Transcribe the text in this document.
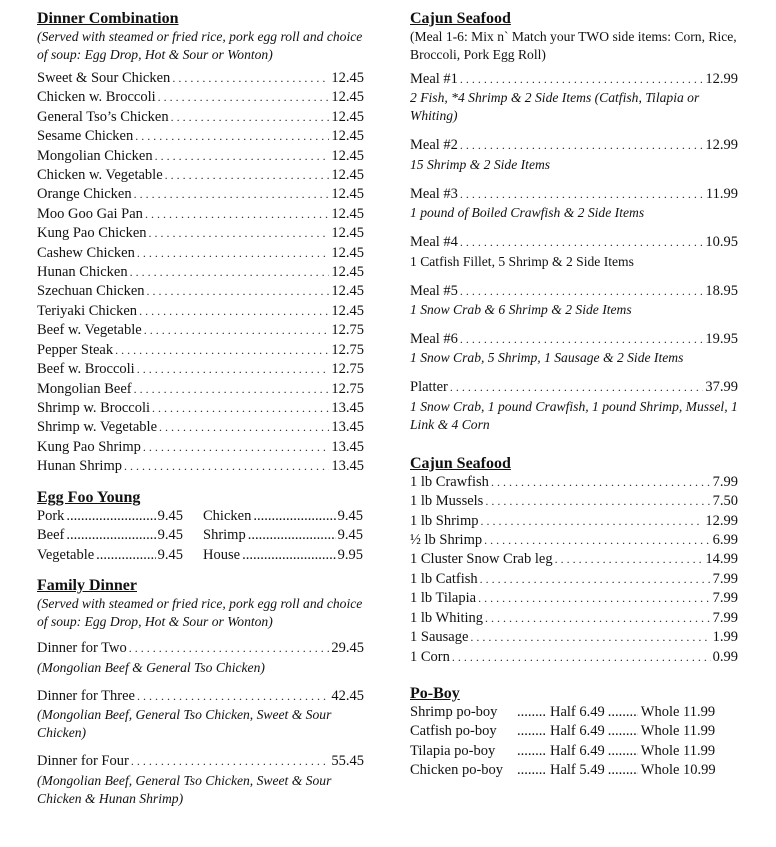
Dinner Combination
(Served with steamed or fried rice, pork egg roll and choice of soup: Egg Drop, Hot & Sour or Wonton)
Sweet & Sour Chicken . . .	12.45
Chicken w. Broccoli . . .	12.45
General Tso’s Chicken . . .	12.45
Sesame Chicken . . .	12.45
Mongolian Chicken . . .	12.45
Chicken w. Vegetable . . .	12.45
Orange Chicken . . .	12.45
Moo Goo Gai Pan . . .	12.45
Kung Pao Chicken . . .	12.45
Cashew Chicken . . .	12.45
Hunan Chicken . . .	12.45
Szechuan Chicken . . .	12.45
Teriyaki Chicken . . .	12.45
Beef w. Vegetable . . .	12.75
Pepper Steak . . .	12.75
Beef w. Broccoli . . .	12.75
Mongolian Beef . . .	12.75
Shrimp w. Broccoli . . .	13.45
Shrimp w. Vegetable . . .	13.45
Kung Pao Shrimp . . .	13.45
Hunan Shrimp . . .	13.45
Egg Foo Young
Pork .....	9.45 Chicken .....	9.45
Beef .....	9.45 Shrimp .....	9.45
Vegetable .....	9.45 House .....	9.95
Family Dinner
(Served with steamed or fried rice, pork egg roll and choice of soup: Egg Drop, Hot & Sour or Wonton)
Dinner for Two . . .	29.45
(Mongolian Beef & General Tso Chicken)
Dinner for Three . . .	42.45
(Mongolian Beef, General Tso Chicken, Sweet & Sour Chicken)
Dinner for Four . . .	55.45
(Mongolian Beef, General Tso Chicken, Sweet & Sour Chicken & Hunan Shrimp)
Cajun Seafood
(Meal 1-6: Mix n` Match your TWO side items: Corn, Rice, Broccoli, Pork Egg Roll)
Meal #1 . . .	12.99
2 Fish, *4 Shrimp & 2 Side Items (Catfish, Tilapia or Whiting)
Meal #2 . . .	12.99
15 Shrimp & 2 Side Items
Meal #3 . . .	11.99
1 pound of Boiled Crawfish & 2 Side Items
Meal #4 . . .	10.95
1 Catfish Fillet, 5 Shrimp & 2 Side Items
Meal #5 . . .	18.95
1 Snow Crab & 6 Shrimp & 2 Side Items
Meal #6 . . .	19.95
1 Snow Crab, 5 Shrimp, 1 Sausage & 2 Side Items
Platter . . .	37.99
1 Snow Crab, 1 pound Crawfish, 1 pound Shrimp, Mussel, 1 Link & 4 Corn
Cajun Seafood
1 lb Crawfish . . .	7.99
1 lb Mussels . . .	7.50
1 lb Shrimp . . .	12.99
½ lb Shrimp . . .	6.99
1 Cluster Snow Crab leg . . .	14.99
1 lb Catfish . . .	7.99
1 lb Tilapia . . .	7.99
1 lb Whiting . . .	7.99
1 Sausage . . .	1.99
1 Corn . . .	0.99
Po-Boy
Shrimp po-boy .....	Half 6.49 ..... Whole 11.99
Catfish po-boy .....	Half 6.49 ..... Whole 11.99
Tilapia po-boy .....	Half 6.49 ..... Whole 11.99
Chicken po-boy .....	Half 5.49 ..... Whole 10.99
